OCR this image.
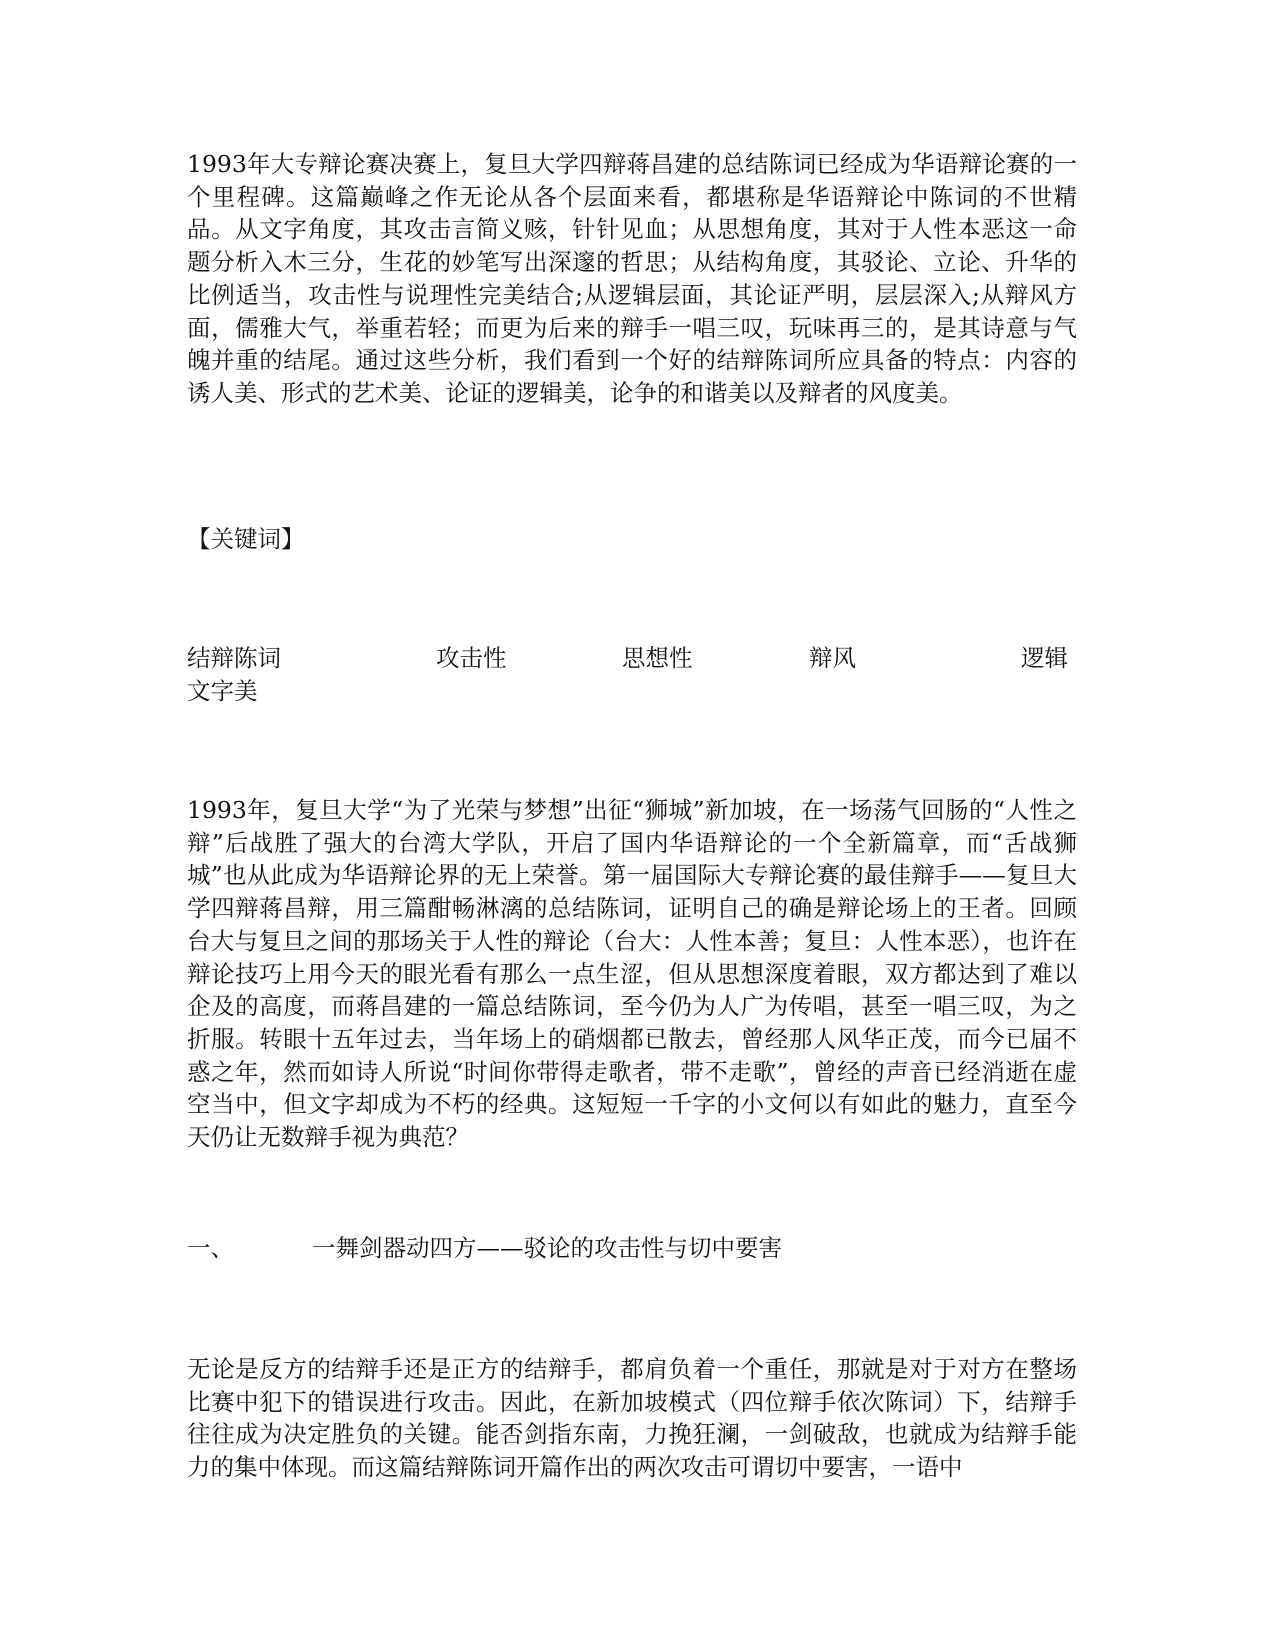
1993年大专辩论赛决赛上，复旦大学四辩蒋昌建的总结陈词已经成为华语辩论赛的一个里程碑。这篇巅峰之作无论从各个层面来看，都堪称是华语辩论中陈词的不世精品。从文字角度，其攻击言简义赅，针针见血；从思想角度，其对于人性本恶这一命题分析入木三分，生花的妙笔写出深邃的哲思；从结构角度，其驳论、立论、升华的比例适当，攻击性与说理性完美结合;从逻辑层面，其论证严明，层层深入;从辩风方面，儒雅大气，举重若轻；而更为后来的辩手一唱三叹，玩味再三的，是其诗意与气魄并重的结尾。通过这些分析，我们看到一个好的结辩陈词所应具备的特点：内容的诱人美、形式的艺术美、论证的逻辑美，论争的和谐美以及辩者的风度美。

【关键词】

结辩陈词	攻击性	思想性	辩风	逻辑
文字美

1993年，复旦大学“为了光荣与梦想”出征“狮城”新加坡，在一场荡气回肠的“人性之辩”后战胜了强大的台湾大学队，开启了国内华语辩论的一个全新篇章，而“舌战狮城”也从此成为华语辩论界的无上荣誉。第一届国际大专辩论赛的最佳辩手——复旦大学四辩蒋昌辩，用三篇酣畅淋漓的总结陈词，证明自己的确是辩论场上的王者。回顾台大与复旦之间的那场关于人性的辩论（台大：人性本善；复旦：人性本恶），也许在辩论技巧上用今天的眼光看有那么一点生涩，但从思想深度着眼，双方都达到了难以企及的高度，而蒋昌建的一篇总结陈词，至今仍为人广为传唱，甚至一唱三叹，为之折服。转眼十五年过去，当年场上的硝烟都已散去，曾经那人风华正茂，而今已届不惑之年，然而如诗人所说“时间你带得走歌者，带不走歌”，曾经的声音已经消逝在虚空当中，但文字却成为不朽的经典。这短短一千字的小文何以有如此的魅力，直至今天仍让无数辩手视为典范？

一、	一舞剑器动四方——驳论的攻击性与切中要害

无论是反方的结辩手还是正方的结辩手，都肩负着一个重任，那就是对于对方在整场比赛中犯下的错误进行攻击。因此，在新加坡模式（四位辩手依次陈词）下，结辩手往往成为决定胜负的关键。能否剑指东南，力挽狂澜，一剑破敌，也就成为结辩手能力的集中体现。而这篇结辩陈词开篇作出的两次攻击可谓切中要害，一语中
